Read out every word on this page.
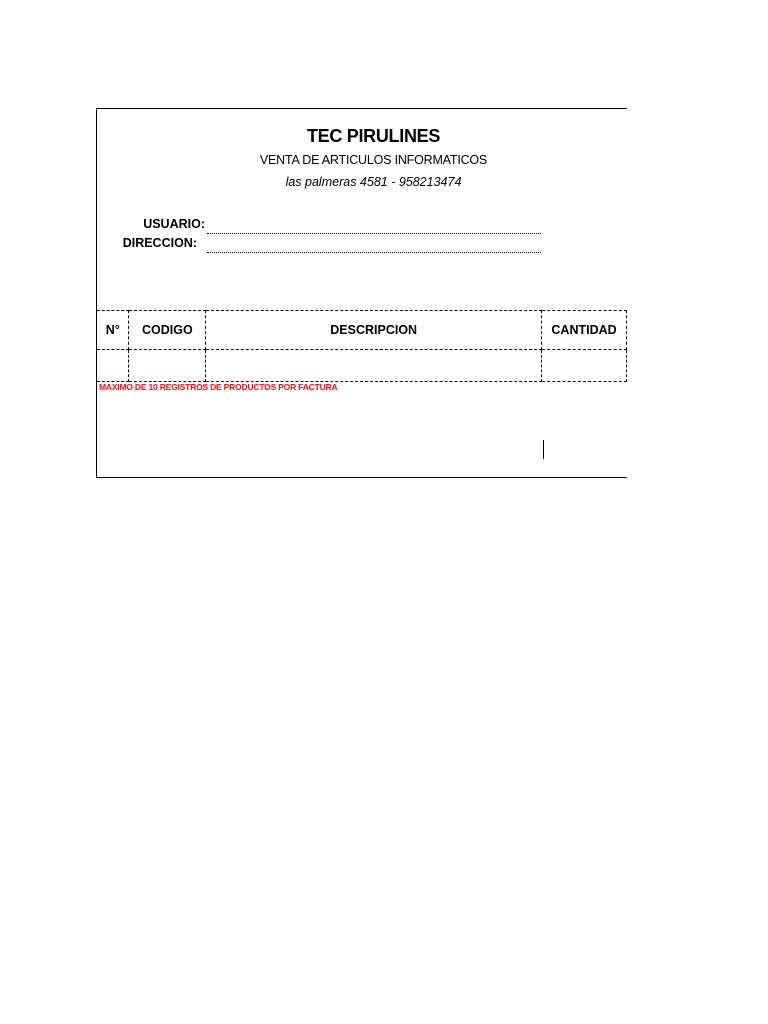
TEC PIRULINES
VENTA DE ARTICULOS INFORMATICOS
las palmeras 4581 - 958213474
USUARIO:
DIRECCION:
N°	CODIGO	DESCRIPCION	CANTIDAD

MAXIMO DE 10 REGISTROS DE PRODUCTOS POR FACTURA
